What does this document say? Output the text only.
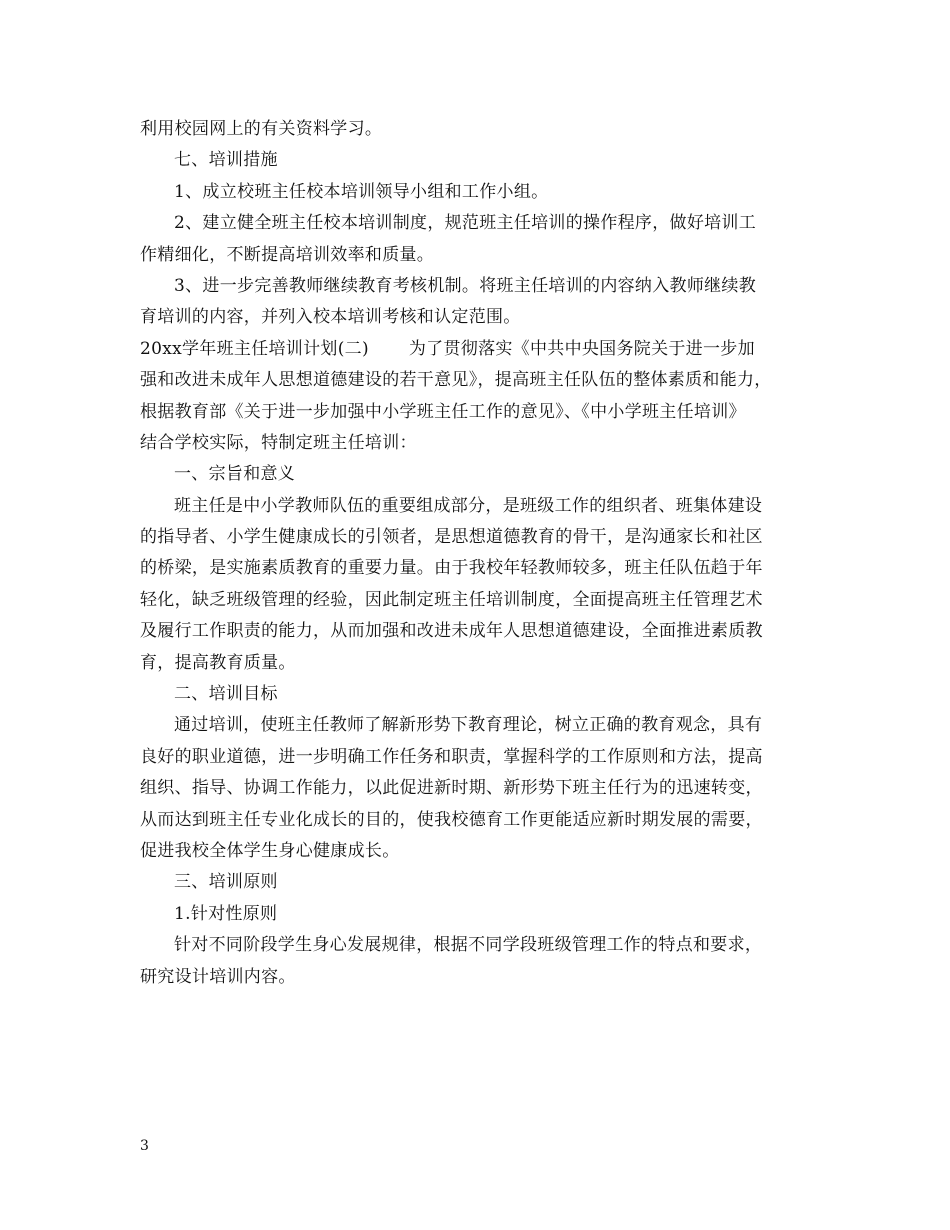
利用校园网上的有关资料学习。
七、培训措施
1、成立校班主任校本培训领导小组和工作小组。
2、建立健全班主任校本培训制度，规范班主任培训的操作程序，做好培训工
作精细化，不断提高培训效率和质量。
3、进一步完善教师继续教育考核机制。将班主任培训的内容纳入教师继续教
育培训的内容，并列入校本培训考核和认定范围。
20xx学年班主任培训计划(二) 为了贯彻落实《中共中央国务院关于进一步加
强和改进未成年人思想道德建设的若干意见》，提高班主任队伍的整体素质和能力，
根据教育部《关于进一步加强中小学班主任工作的意见》、《中小学班主任培训》
结合学校实际，特制定班主任培训：
一、宗旨和意义
班主任是中小学教师队伍的重要组成部分，是班级工作的组织者、班集体建设
的指导者、小学生健康成长的引领者，是思想道德教育的骨干，是沟通家长和社区
的桥梁，是实施素质教育的重要力量。由于我校年轻教师较多，班主任队伍趋于年
轻化，缺乏班级管理的经验，因此制定班主任培训制度，全面提高班主任管理艺术
及履行工作职责的能力，从而加强和改进未成年人思想道德建设，全面推进素质教
育，提高教育质量。
二、培训目标
通过培训，使班主任教师了解新形势下教育理论，树立正确的教育观念，具有
良好的职业道德，进一步明确工作任务和职责，掌握科学的工作原则和方法，提高
组织、指导、协调工作能力，以此促进新时期、新形势下班主任行为的迅速转变，
从而达到班主任专业化成长的目的，使我校德育工作更能适应新时期发展的需要，
促进我校全体学生身心健康成长。
三、培训原则
1.针对性原则
针对不同阶段学生身心发展规律，根据不同学段班级管理工作的特点和要求，
研究设计培训内容。
3
